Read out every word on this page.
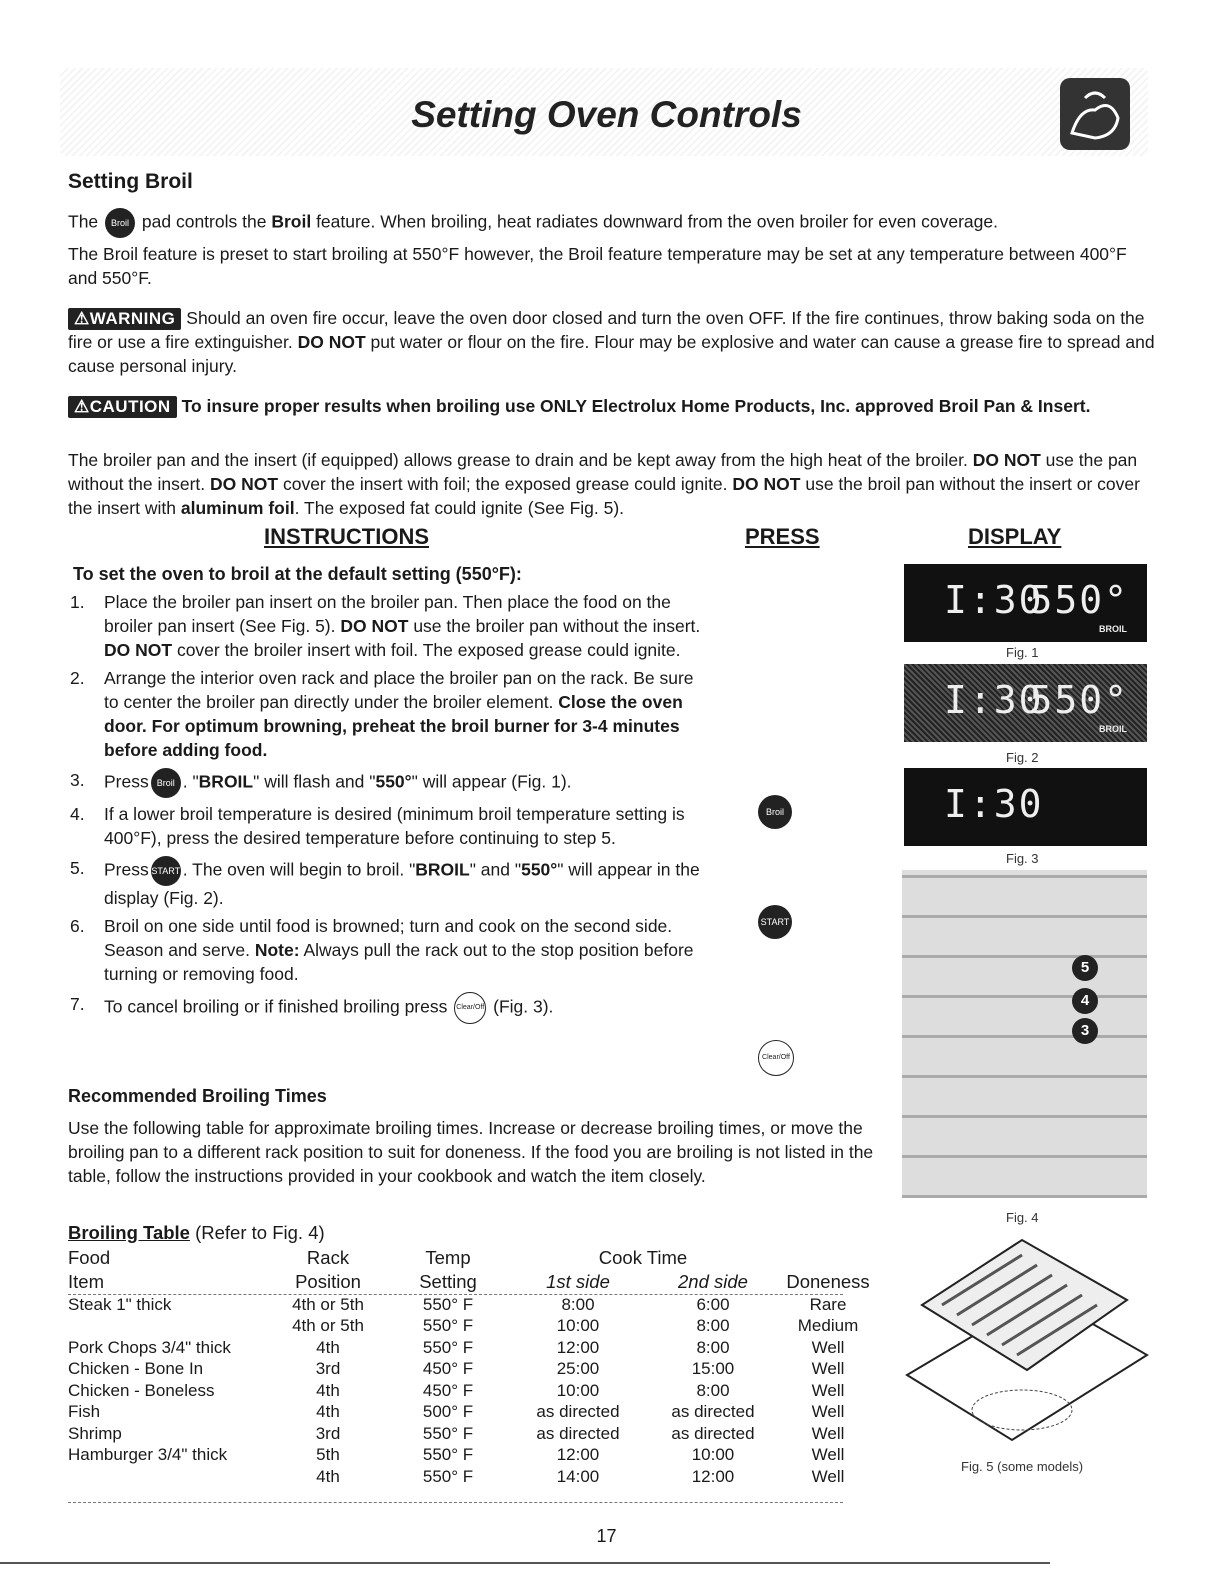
Setting Oven Controls
Setting Broil

The Broil pad controls the Broil feature. When broiling, heat radiates downward from the oven broiler for even coverage.

The Broil feature is preset to start broiling at 550°F however, the Broil feature temperature may be set at any temperature between 400°F and 550°F.

⚠WARNING Should an oven fire occur, leave the oven door closed and turn the oven OFF. If the fire continues, throw baking soda on the fire or use a fire extinguisher. DO NOT put water or flour on the fire. Flour may be explosive and water can cause a grease fire to spread and cause personal injury.

⚠CAUTION To insure proper results when broiling use ONLY Electrolux Home Products, Inc. approved Broil Pan & Insert.

The broiler pan and the insert (if equipped) allows grease to drain and be kept away from the high heat of the broiler. DO NOT use the pan without the insert. DO NOT cover the insert with foil; the exposed grease could ignite. DO NOT use the broil pan without the insert or cover the insert with aluminum foil. The exposed fat could ignite (See Fig. 5).

INSTRUCTIONS	PRESS	DISPLAY
To set the oven to broil at the default setting (550°F):
1. Place the broiler pan insert on the broiler pan. Then place the food on the broiler pan insert (See Fig. 5). DO NOT use the broiler pan without the insert. DO NOT cover the broiler insert with foil. The exposed grease could ignite.
2. Arrange the interior oven rack and place the broiler pan on the rack. Be sure to center the broiler pan directly under the broiler element. Close the oven door. For optimum browning, preheat the broil burner for 3-4 minutes before adding food.
3. Press Broil . "BROIL" will flash and "550°" will appear (Fig. 1).
4. If a lower broil temperature is desired (minimum broil temperature setting is 400°F), press the desired temperature before continuing to step 5.
5. Press START . The oven will begin to broil. "BROIL" and "550°" will appear in the display (Fig. 2).
6. Broil on one side until food is browned; turn and cook on the second side. Season and serve. Note: Always pull the rack out to the stop position before turning or removing food.
7. To cancel broiling or if finished broiling press Clear/Off (Fig. 3).
Broil
START
Clear/Off
I:30
550°
BROIL
Fig. 1
I:30
550°
BROIL
Fig. 2
I:30
Fig. 3
5
4
3
Fig. 4
Fig. 5 (some models)
Recommended Broiling Times

Use the following table for approximate broiling times. Increase or decrease broiling times, or move the broiling pan to a different rack position to suit for doneness. If the food you are broiling is not listed in the table, follow the instructions provided in your cookbook and watch the item closely.

Broiling Table (Refer to Fig. 4)
Food	Rack	Temp	Cook Time		
Item	Position	Setting	1st side	2nd side	Doneness
Steak 1" thick	4th or 5th	550° F	8:00	6:00	Rare
	4th or 5th	550° F	10:00	8:00	Medium
Pork Chops 3/4" thick	4th	550° F	12:00	8:00	Well
Chicken - Bone In	3rd	450° F	25:00	15:00	Well
Chicken - Boneless	4th	450° F	10:00	8:00	Well
Fish	4th	500° F	as directed	as directed	Well
Shrimp	3rd	550° F	as directed	as directed	Well
Hamburger 3/4" thick	5th	550° F	12:00	10:00	Well
	4th	550° F	14:00	12:00	Well
17
